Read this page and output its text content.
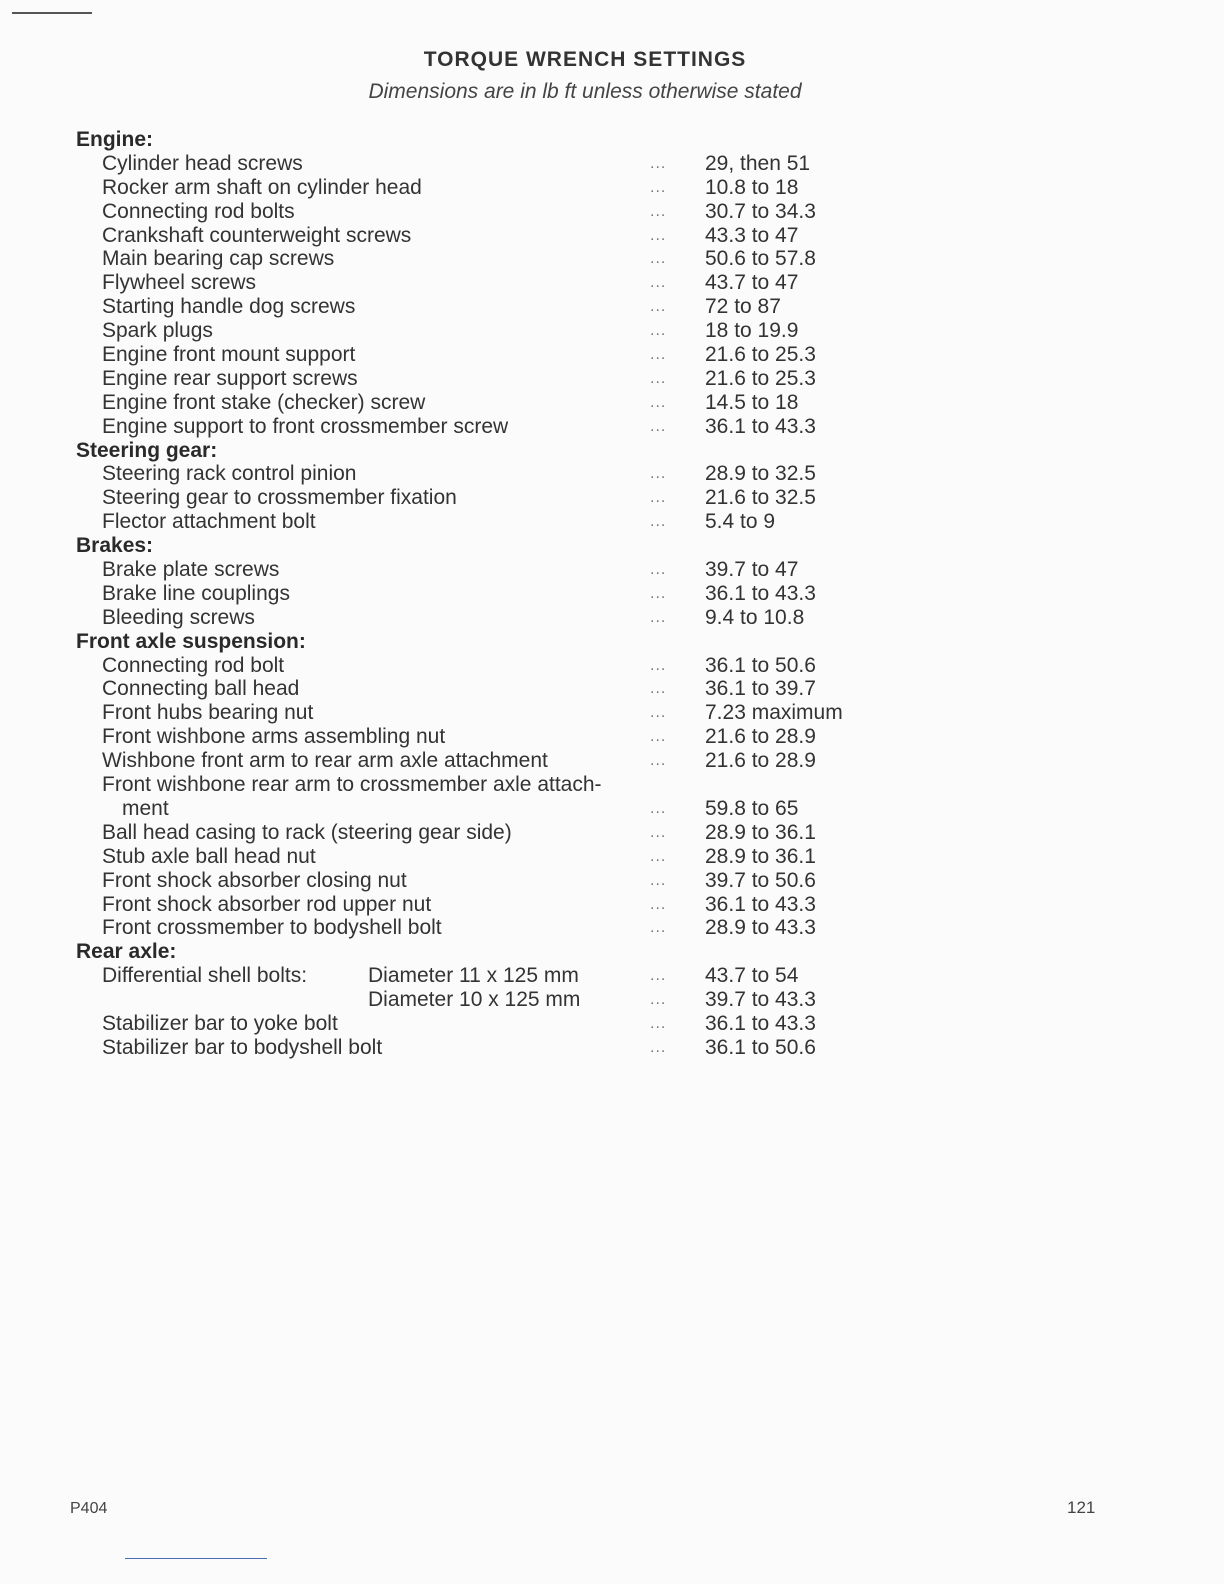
TORQUE WRENCH SETTINGS
Dimensions are in lb ft unless otherwise stated
Engine:
Cylinder head screws	... 29, then 51
Rocker arm shaft on cylinder head	... 10.8 to 18
Connecting rod bolts	... 30.7 to 34.3
Crankshaft counterweight screws	... 43.3 to 47
Main bearing cap screws	... 50.6 to 57.8
Flywheel screws	... 43.7 to 47
Starting handle dog screws	... 72 to 87
Spark plugs	... 18 to 19.9
Engine front mount support	... 21.6 to 25.3
Engine rear support screws	... 21.6 to 25.3
Engine front stake (checker) screw	... 14.5 to 18
Engine support to front crossmember screw	... 36.1 to 43.3
Steering gear:
Steering rack control pinion	... 28.9 to 32.5
Steering gear to crossmember fixation	... 21.6 to 32.5
Flector attachment bolt	... 5.4 to 9
Brakes:
Brake plate screws	... 39.7 to 47
Brake line couplings	... 36.1 to 43.3
Bleeding screws	... 9.4 to 10.8
Front axle suspension:
Connecting rod bolt	... 36.1 to 50.6
Connecting ball head	... 36.1 to 39.7
Front hubs bearing nut	... 7.23 maximum
Front wishbone arms assembling nut	... 21.6 to 28.9
Wishbone front arm to rear arm axle attachment	... 21.6 to 28.9
Front wishbone rear arm to crossmember axle attach-
ment	... 59.8 to 65
Ball head casing to rack (steering gear side)	... 28.9 to 36.1
Stub axle ball head nut	... 28.9 to 36.1
Front shock absorber closing nut	... 39.7 to 50.6
Front shock absorber rod upper nut	... 36.1 to 43.3
Front crossmember to bodyshell bolt	... 28.9 to 43.3
Rear axle:
Differential shell bolts:	Diameter 11 x 125 mm	... 43.7 to 54
Diameter 10 x 125 mm	... 39.7 to 43.3
Stabilizer bar to yoke bolt	... 36.1 to 43.3
Stabilizer bar to bodyshell bolt	... 36.1 to 50.6
P404	121
